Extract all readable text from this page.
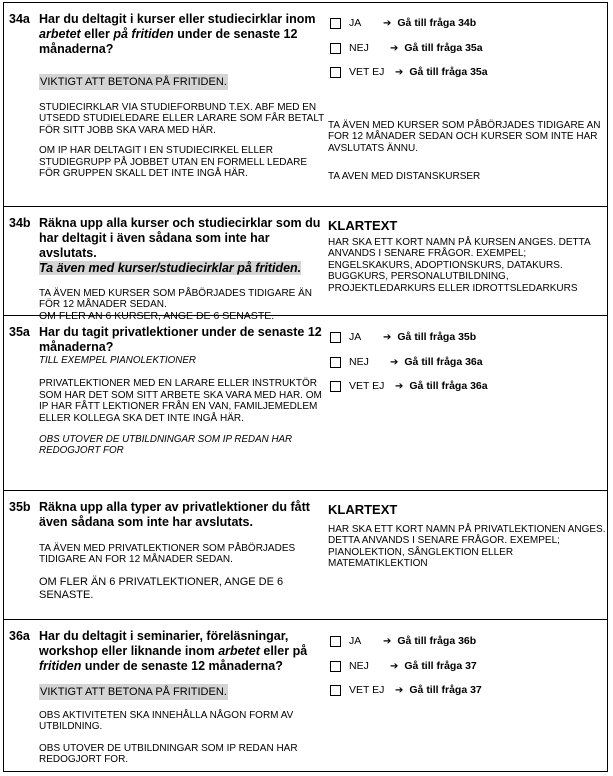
34a Har du deltagit i kurser eller studiecirklar inom arbetet eller på fritiden under de senaste 12 månaderna?
VIKTIGT ATT BETONA PÅ FRITIDEN.

STUDIECIRKLAR VIA STUDIEFORBUND T.EX. ABF MED EN UTSEDD STUDIELEDARE ELLER LARARE SOM FÅR BETALT FÖR SITT JOBB SKA VARA MED HÄR.

OM IP HAR DELTAGIT I EN STUDIECIRKEL ELLER STUDIEGRUPP PÅ JOBBET UTAN EN FORMELL LEDARE FÖR GRUPPEN SKALL DET INTE INGÅ HÄR.

JA	➔ Gå till fråga 34b
NEJ	➔ Gå till fråga 35a
VET EJ	➔ Gå till fråga 35a

TA ÄVEN MED KURSER SOM PÅBÖRJADES TIDIGARE AN FOR 12 MÅNADER SEDAN OCH KURSER SOM INTE HAR AVSLUTATS ÄNNU.

TA AVEN MED DISTANSKURSER

34b Räkna upp alla kurser och studiecirklar som du har deltagit i även sådana som inte har avslutats.
Ta även med kurser/studiecirklar på fritiden.

TA ÄVEN MED KURSER SOM PÅBÖRJADES TIDIGARE ÄN FÖR 12 MÅNADER SEDAN.

OM FLER AN 6 KURSER, ANGE DE 6 SENASTE.

KLARTEXT

HAR SKA ETT KORT NAMN PÅ KURSEN ANGES. DETTA ANVANDS I SENARE FRÅGOR. EXEMPEL; ENGELSKAKURS, ADOPTIONSKURS, DATAKURS. BUGGKURS, PERSONALUTBILDNING, PROJEKTLEDARKURS ELLER IDROTTSLEDARKURS

35a Har du tagit privatlektioner under de senaste 12 månaderna?

TILL EXEMPEL PIANOLEKTIONER

PRIVATLEKTIONER MED EN LARARE ELLER INSTRUKTÖR SOM HAR DET SOM SITT ARBETE SKA VARA MED HAR. OM IP HAR FÅTT LEKTIONER FRÅN EN VAN, FAMILJEMEDLEM ELLER KOLLEGA SKA DET INTE INGÅ HÄR.

OBS UTOVER DE UTBILDNINGAR SOM IP REDAN HAR REDOGJORT FOR

JA	➔ Gå till fråga 35b
NEJ	➔ Gå till fråga 36a
VET EJ	➔ Gå till fråga 36a
35b Räkna upp alla typer av privatlektioner du fått även sådana som inte har avslutats.

TA ÄVEN MED PRIVATLEKTIONER SOM PÅBÖRJADES TIDIGARE AN FOR 12 MÅNADER SEDAN.

OM FLER ÄN 6 PRIVATLEKTIONER, ANGE DE 6 SENASTE.

KLARTEXT

HAR SKA ETT KORT NAMN PÅ PRIVATLEKTIONEN ANGES. DETTA ANVANDS I SENARE FRÅGOR. EXEMPEL; PIANOLEKTION, SÅNGLEKTION ELLER MATEMATIKLEKTION

36a Har du deltagit i seminarier, föreläsningar, workshop eller liknande inom arbetet eller på fritiden under de senaste 12 månaderna?
VIKTIGT ATT BETONA PÅ FRITIDEN.

OBS AKTIVITETEN SKA INNEHÅLLA NÅGON FORM AV UTBILDNING.

OBS UTOVER DE UTBILDNINGAR SOM IP REDAN HAR REDOGJORT FOR.

JA	➔ Gå till fråga 36b
NEJ	➔ Gå till fråga 37
VET EJ	➔ Gå till fråga 37
